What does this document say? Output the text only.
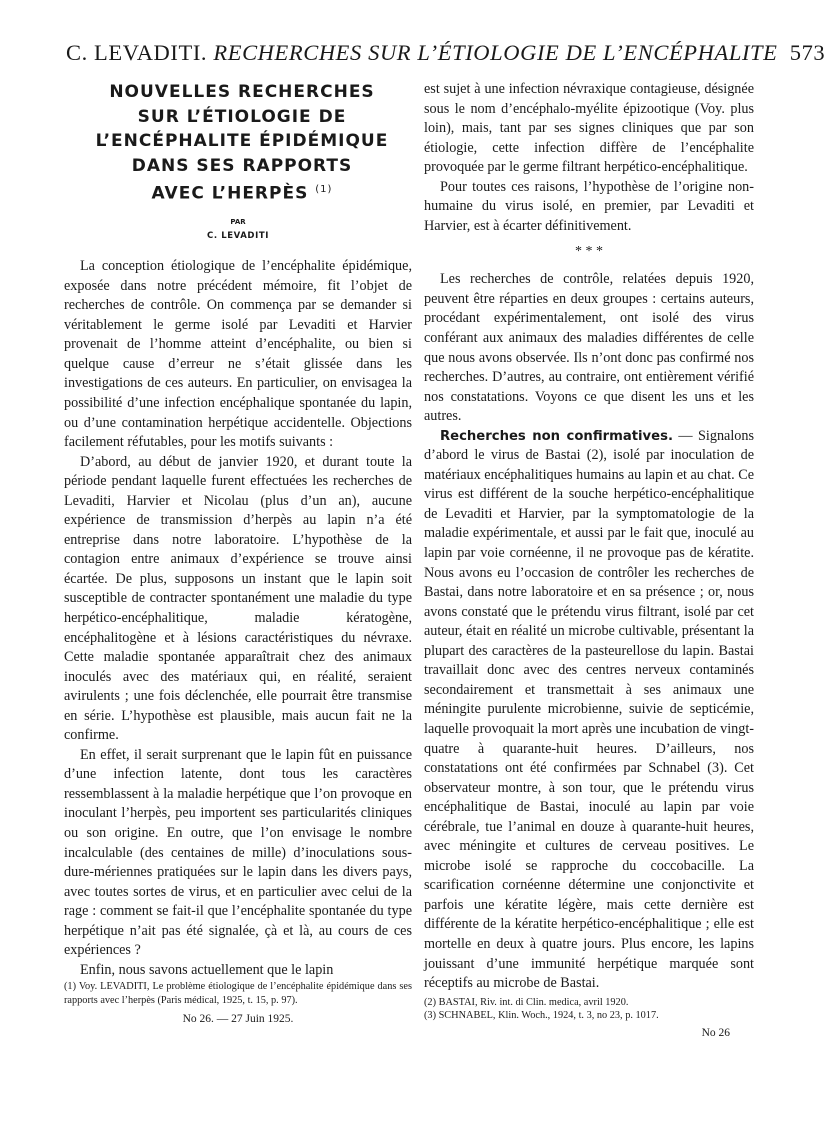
C. LEVADITI. RECHERCHES SUR L’ÉTIOLOGIE DE L’ENCÉPHALITE 573
NOUVELLES RECHERCHES
SUR L’ÉTIOLOGIE DE
L’ENCÉPHALITE ÉPIDÉMIQUE
DANS SES RAPPORTS
AVEC L’HERPÈS $^{(1)}$
PAR
C. LEVADITI

La conception étiologique de l’encéphalite épidémique, exposée dans notre précédent mémoire, fit l’objet de recherches de contrôle. On commença par se demander si véritablement le germe isolé par Levaditi et Harvier provenait de l’homme atteint d’encéphalite, ou bien si quelque cause d’erreur ne s’était glissée dans les investigations de ces auteurs. En particulier, on envisagea la possibilité d’une infection encéphalique spontanée du lapin, ou d’une contamination herpétique accidentelle. Objections facilement réfutables, pour les motifs suivants :

D’abord, au début de janvier 1920, et durant toute la période pendant laquelle furent effectuées les recherches de Levaditi, Harvier et Nicolau (plus d’un an), aucune expérience de transmission d’herpès au lapin n’a été entreprise dans notre laboratoire. L’hypothèse de la contagion entre animaux d’expérience se trouve ainsi écartée. De plus, supposons un instant que le lapin soit susceptible de contracter spontanément une maladie du type herpético-encéphalitique, maladie kératogène, encéphalitogène et à lésions caractéristiques du névraxe. Cette maladie spontanée apparaîtrait chez des animaux inoculés avec des matériaux qui, en réalité, seraient avirulents ; une fois déclenchée, elle pourrait être transmise en série. L’hypothèse est plausible, mais aucun fait ne la confirme.

En effet, il serait surprenant que le lapin fût en puissance d’une infection latente, dont tous les caractères ressemblassent à la maladie herpétique que l’on provoque en inoculant l’herpès, peu importent ses particularités cliniques ou son origine. En outre, que l’on envisage le nombre incalculable (des centaines de mille) d’inoculations sous-dure-mériennes pratiquées sur le lapin dans les divers pays, avec toutes sortes de virus, et en particulier avec celui de la rage : comment se fait-il que l’encéphalite spontanée du type herpétique n’ait pas été signalée, çà et là, au cours de ces expériences ?

Enfin, nous savons actuellement que le lapin

(1) Voy. LEVADITI, Le problème étiologique de l’encéphalite épidémique dans ses rapports avec l’herpès (Paris médical, 1925, t. 15, p. 97).

No 26. — 27 Juin 1925.

est sujet à une infection névraxique contagieuse, désignée sous le nom d’encéphalo-myélite épizootique (Voy. plus loin), mais, tant par ses signes cliniques que par son étiologie, cette infection diffère de l’encéphalite provoquée par le germe filtrant herpético-encéphalitique.

Pour toutes ces raisons, l’hypothèse de l’origine non-humaine du virus isolé, en premier, par Levaditi et Harvier, est à écarter définitivement.

* * *

Les recherches de contrôle, relatées depuis 1920, peuvent être réparties en deux groupes : certains auteurs, procédant expérimentalement, ont isolé des virus conférant aux animaux des maladies différentes de celle que nous avons observée. Ils n’ont donc pas confirmé nos recherches. D’autres, au contraire, ont entièrement vérifié nos constatations. Voyons ce que disent les uns et les autres.

Recherches non confirmatives. — Signalons d’abord le virus de Bastai (2), isolé par inoculation de matériaux encéphalitiques humains au lapin et au chat. Ce virus est différent de la souche herpético-encéphalitique de Levaditi et Harvier, par la symptomatologie de la maladie expérimentale, et aussi par le fait que, inoculé au lapin par voie cornéenne, il ne provoque pas de kératite. Nous avons eu l’occasion de contrôler les recherches de Bastai, dans notre laboratoire et en sa présence ; or, nous avons constaté que le prétendu virus filtrant, isolé par cet auteur, était en réalité un microbe cultivable, présentant la plupart des caractères de la pasteurellose du lapin. Bastai travaillait donc avec des centres nerveux contaminés secondairement et transmettait à ses animaux une méningite purulente microbienne, suivie de septicémie, laquelle provoquait la mort après une incubation de vingt-quatre à quarante-huit heures. D’ailleurs, nos constatations ont été confirmées par Schnabel (3). Cet observateur montre, à son tour, que le prétendu virus encéphalitique de Bastai, inoculé au lapin par voie cérébrale, tue l’animal en douze à quarante-huit heures, avec méningite et cultures de cerveau positives. Le microbe isolé se rapproche du coccobacille. La scarification cornéenne détermine une conjonctivite et parfois une kératite légère, mais cette dernière est différente de la kératite herpético-encéphalitique ; elle est mortelle en deux à quatre jours. Plus encore, les lapins jouissant d’une immunité herpétique marquée sont réceptifs au microbe de Bastai.

(2) BASTAI, Riv. int. di Clin. medica, avril 1920.

(3) SCHNABEL, Klin. Woch., 1924, t. 3, no 23, p. 1017.

No 26
